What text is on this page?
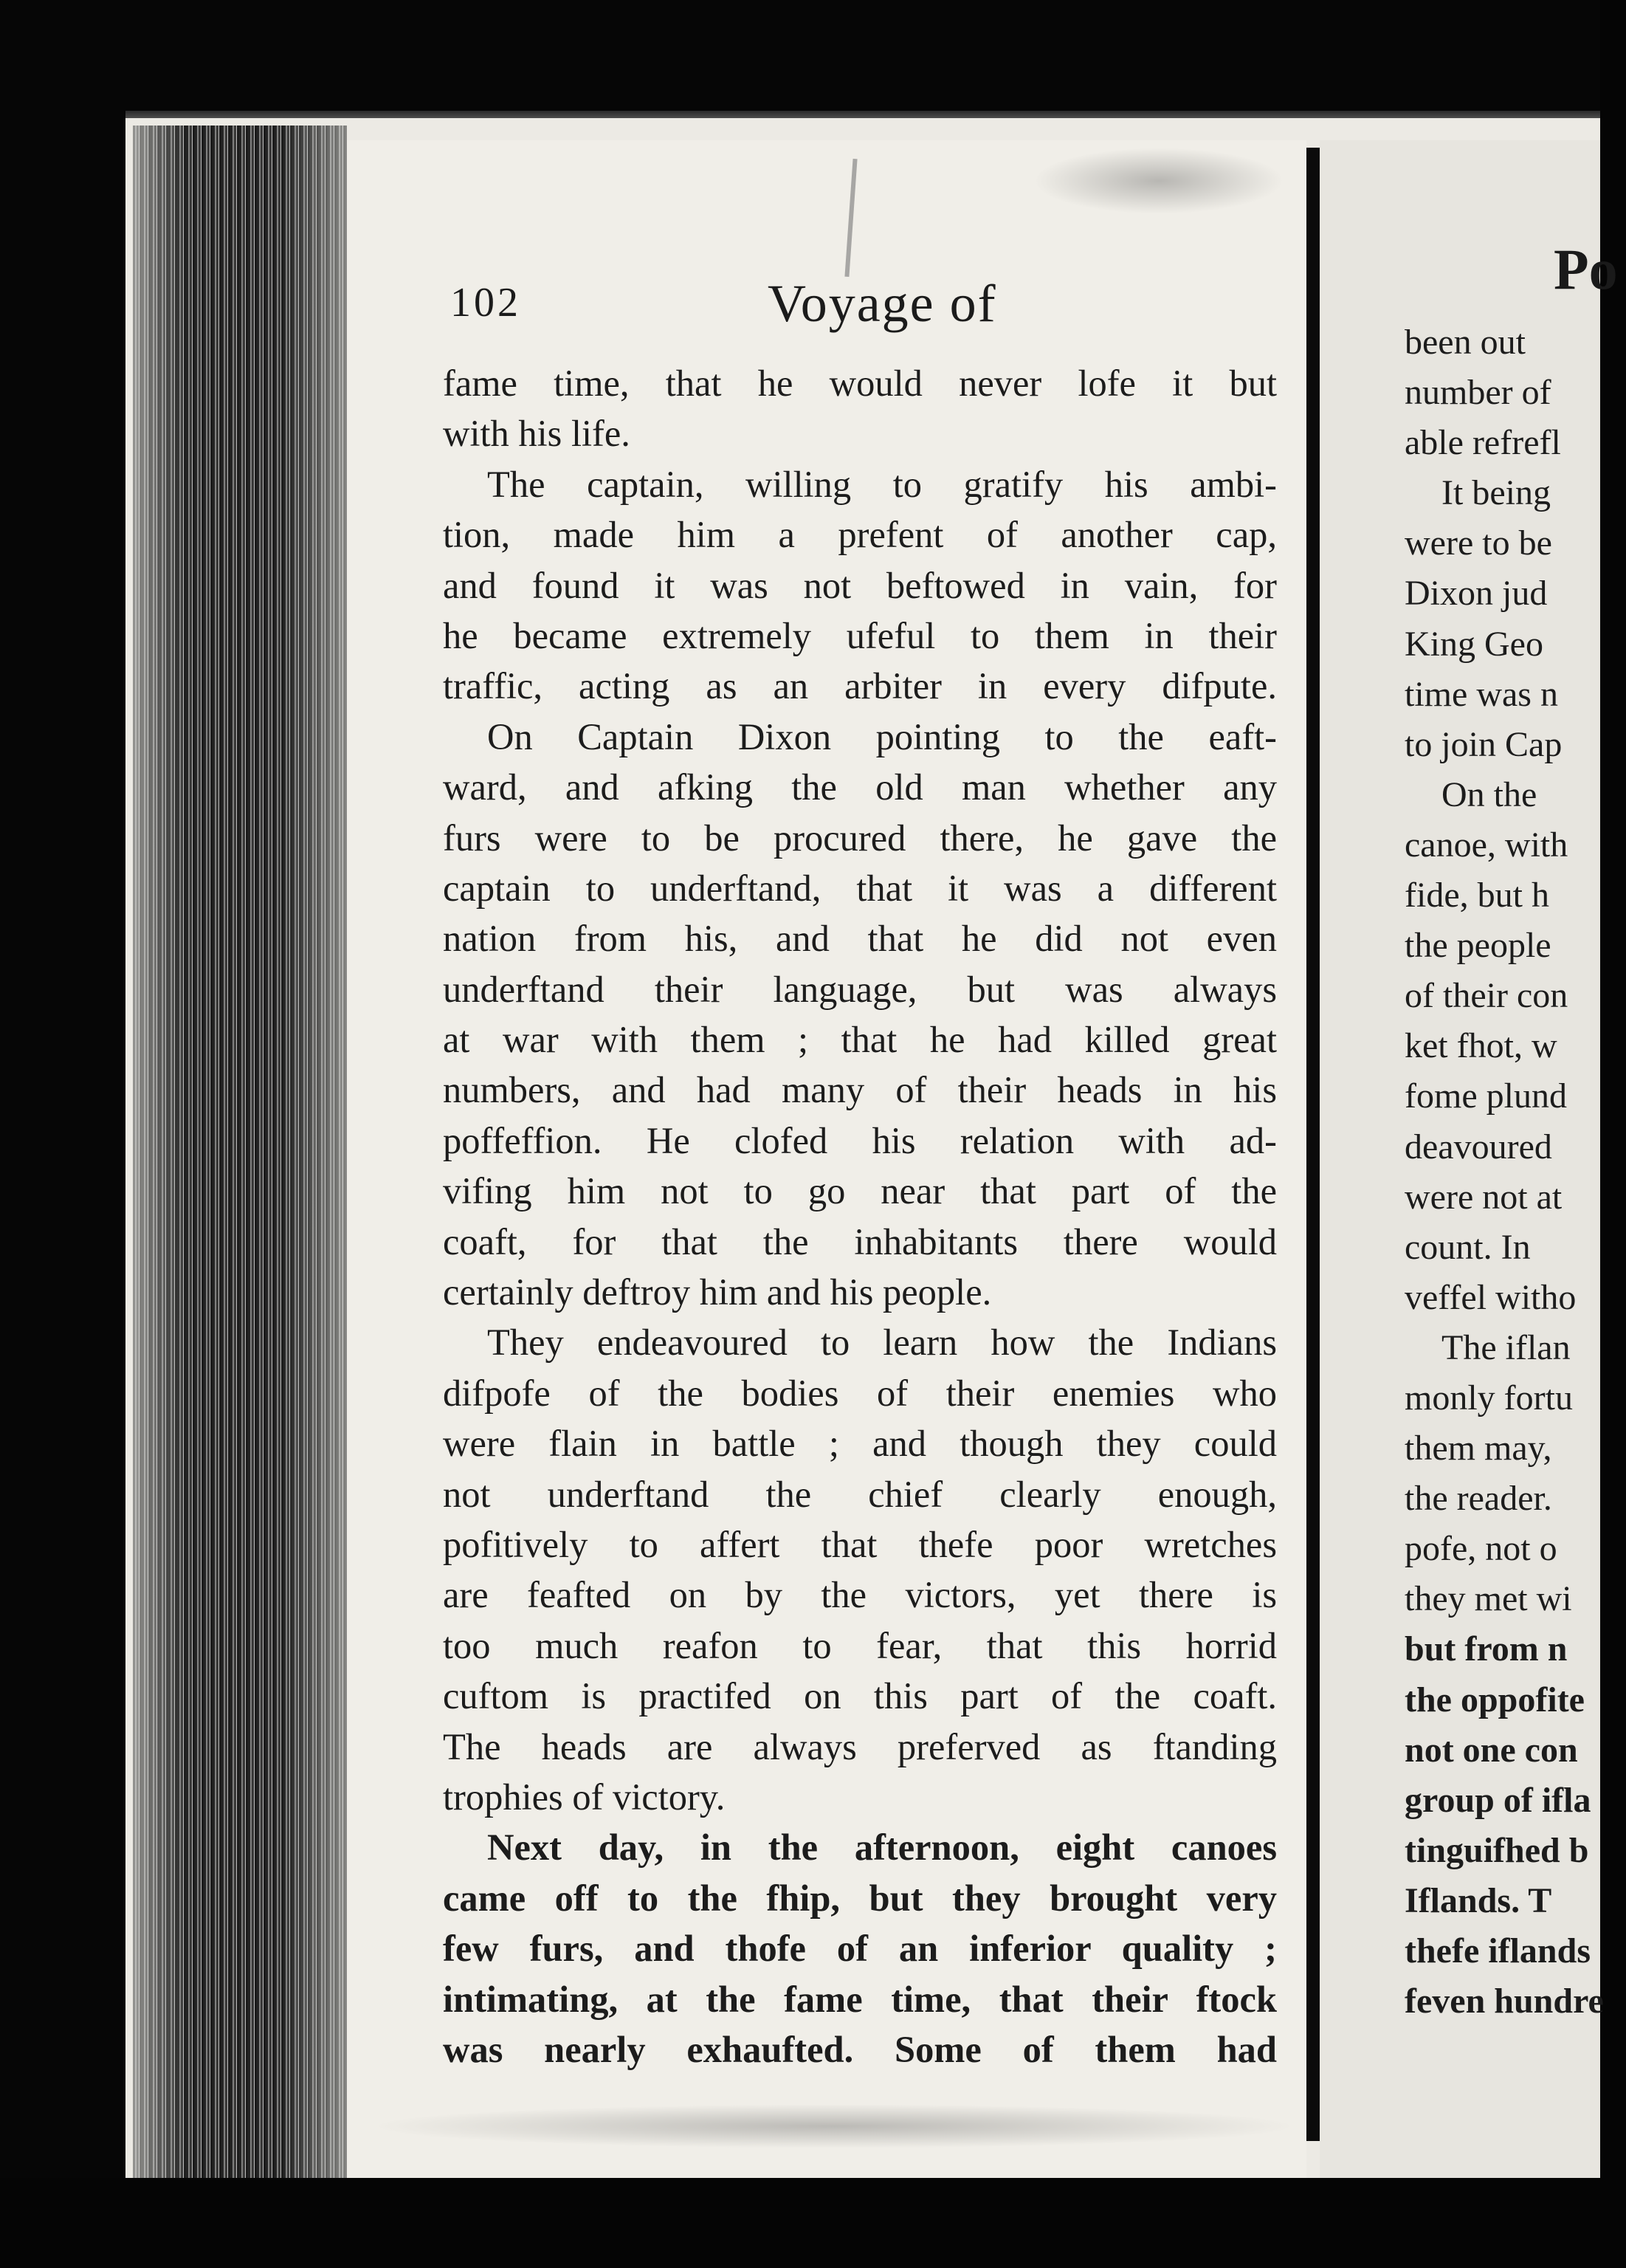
102	Voyage of
fame time, that he would never lofe it but
with his life.
The captain, willing to gratify his ambi-
tion, made him a prefent of another cap,
and found it was not beftowed in vain, for
he became extremely ufeful to them in their
traffic, acting as an arbiter in every difpute.
On Captain Dixon pointing to the eaft-
ward, and afking the old man whether any
furs were to be procured there, he gave the
captain to underftand, that it was a different
nation from his, and that he did not even
underftand their language, but was always
at war with them ; that he had killed great
numbers, and had many of their heads in his
poffeffion. He clofed his relation with ad-
vifing him not to go near that part of the
coaft, for that the inhabitants there would
certainly deftroy him and his people.
They endeavoured to learn how the Indians
difpofe of the bodies of their enemies who
were flain in battle ; and though they could
not underftand the chief clearly enough,
pofitively to affert that thefe poor wretches
are feafted on by the victors, yet there is
too much reafon to fear, that this horrid
cuftom is practifed on this part of the coaft.
The heads are always preferved as ftanding
trophies of victory.
Next day, in the afternoon, eight canoes
came off to the fhip, but they brought very
few furs, and thofe of an inferior quality ;
intimating, at the fame time, that their ftock
was nearly exhaufted. Some of them had
Po
been out
number of
able refrefl
It being
were to be
Dixon jud
King Geo
time was n
to join Cap
On the
canoe, with
fide, but h
the people
of their con
ket fhot, w
fome plund
deavoured
were not at
count. In
veffel witho
The iflan
monly fortu
them may,
the reader.
pofe, not o
they met wi
but from n
the oppofite
not one con
group of ifla
tinguifhed b
Iflands. T
thefe iflands
feven hundre
